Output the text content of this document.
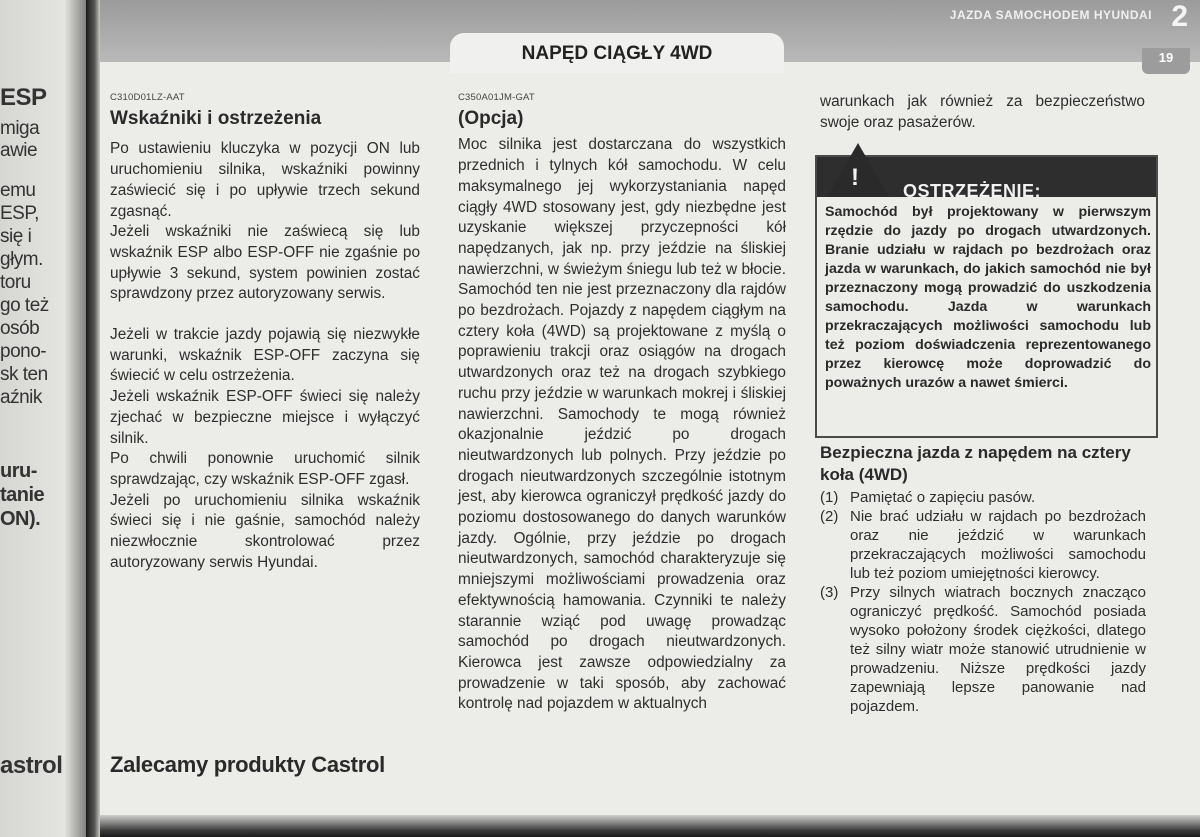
ESP
miga
awie
emu
ESP,
się i
głym.
toru
go też
osób
pono-
sk ten
aźnik
uru-
tanie
ON).
astrol
JAZDA SAMOCHODEM HYUNDAI 2
19
NAPĘD CIĄGŁY 4WD
C310D01LZ-AAT
Wskaźniki i ostrzeżenia

Po ustawieniu kluczyka w pozycji ON lub uruchomieniu silnika, wskaźniki powinny zaświecić się i po upływie trzech sekund zgasnąć.

Jeżeli wskaźniki nie zaświecą się lub wskaźnik ESP albo ESP-OFF nie zgaśnie po upływie 3 sekund, system powinien zostać sprawdzony przez autoryzowany serwis.

Jeżeli w trakcie jazdy pojawią się niezwykłe warunki, wskaźnik ESP-OFF zaczyna się świecić w celu ostrzeżenia.

Jeżeli wskaźnik ESP-OFF świeci się należy zjechać w bezpieczne miejsce i wyłączyć silnik.

Po chwili ponownie uruchomić silnik sprawdzając, czy wskaźnik ESP-OFF zgasł.

Jeżeli po uruchomieniu silnika wskaźnik świeci się i nie gaśnie, samochód należy niezwłocznie skontrolować przez autoryzowany serwis Hyundai.

Zalecamy produkty Castrol
C350A01JM-GAT
(Opcja)

Moc silnika jest dostarczana do wszystkich przednich i tylnych kół samochodu. W celu maksymalnego jej wykorzystaniania napęd ciągły 4WD stosowany jest, gdy niezbędne jest uzyskanie większej przyczepności kół napędzanych, jak np. przy jeździe na śliskiej nawierzchni, w świeżym śniegu lub też w błocie. Samochód ten nie jest przeznaczony dla rajdów po bezdrożach. Pojazdy z napędem ciągłym na cztery koła (4WD) są projektowane z myślą o poprawieniu trakcji oraz osiągów na drogach utwardzonych oraz też na drogach szybkiego ruchu przy jeździe w warunkach mokrej i śliskiej nawierzchni. Samochody te mogą również okazjonalnie jeździć po drogach nieutwardzonych lub polnych. Przy jeździe po drogach nieutwardzonych szczególnie istotnym jest, aby kierowca ograniczył prędkość jazdy do poziomu dostosowanego do danych warunków jazdy. Ogólnie, przy jeździe po drogach nieutwardzonych, samochód charakteryzuje się mniejszymi możliwościami prowadzenia oraz efektywnością hamowania. Czynniki te należy starannie wziąć pod uwagę prowadząc samochód po drogach nieutwardzonych. Kierowca jest zawsze odpowiedzialny za prowadzenie w taki sposób, aby zachować kontrolę nad pojazdem w aktualnych

warunkach jak również za bezpieczeństwo swoje oraz pasażerów.

! OSTRZEŻENIE:

Samochód był projektowany w pierwszym rzędzie do jazdy po drogach utwardzonych. Branie udziału w rajdach po bezdrożach oraz jazda w warunkach, do jakich samochód nie był przeznaczony mogą prowadzić do uszkodzenia samochodu. Jazda w warunkach przekraczających możliwości samochodu lub też poziom doświadczenia reprezentowanego przez kierowcę może doprowadzić do poważnych urazów a nawet śmierci.

Bezpieczna jazda z napędem na cztery koła (4WD)
(1) Pamiętać o zapięciu pasów.
(2) Nie brać udziału w rajdach po bezdrożach oraz nie jeździć w warunkach przekraczających możliwości samochodu lub też poziom umiejętności kierowcy.
(3) Przy silnych wiatrach bocznych znacząco ograniczyć prędkość. Samochód posiada wysoko położony środek ciężkości, dlatego też silny wiatr może stanowić utrudnienie w prowadzeniu. Niższe prędkości jazdy zapewniają lepsze panowanie nad pojazdem.
